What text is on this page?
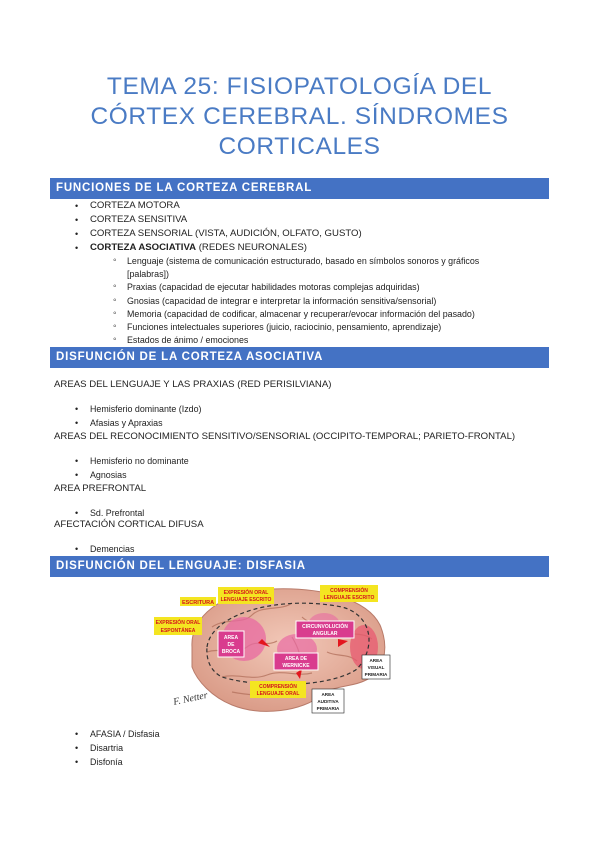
TEMA 25: FISIOPATOLOGÍA DEL
CÓRTEX CEREBRAL. SÍNDROMES
CORTICALES
FUNCIONES DE LA CORTEZA CEREBRAL
• CORTEZA MOTORA
• CORTEZA SENSITIVA
• CORTEZA SENSORIAL (VISTA, AUDICIÓN, OLFATO, GUSTO)
• CORTEZA ASOCIATIVA (REDES NEURONALES)
◦ Lenguaje (sistema de comunicación estructurado, basado en símbolos sonoros y gráficos
[palabras])
◦ Praxias (capacidad de ejecutar habilidades motoras complejas adquiridas)
◦ Gnosias (capacidad de integrar e interpretar la información sensitiva/sensorial)
◦ Memoria (capacidad de codificar, almacenar y recuperar/evocar información del pasado)
◦ Funciones intelectuales superiores (juicio, raciocinio, pensamiento, aprendizaje)
◦ Estados de ánimo / emociones
DISFUNCIÓN DE LA CORTEZA ASOCIATIVA
AREAS DEL LENGUAJE Y LAS PRAXIAS (RED PERISILVIANA)
• Hemisferio dominante (Izdo)
• Afasias y Apraxias
AREAS DEL RECONOCIMIENTO SENSITIVO/SENSORIAL (OCCIPITO-TEMPORAL; PARIETO-FRONTAL)
• Hemisferio no dominante
• Agnosias
AREA PREFRONTAL
• Sd. Prefrontal
AFECTACIÓN CORTICAL DIFUSA
• Demencias
DISFUNCIÓN DEL LENGUAJE: DISFASIA
ESCRITURA
EXPRESIÓN ORAL
LENGUAJE ESCRITO
COMPRENSIÓN
LENGUAJE ESCRITO
EXPRESIÓN ORAL
ESPONTÁNEA
COMPRENSIÓN
LENGUAJE ORAL
AREA
DE
BROCA
CIRCUNVOLUCIÓN
ANGULAR
AREA DE
WERNICKE
AREA
VISUAL
PRIMARIA
AREA
AUDITIVA
PRIMARIA
F. Netter
• AFASIA / Disfasia
• Disartria
• Disfonía
